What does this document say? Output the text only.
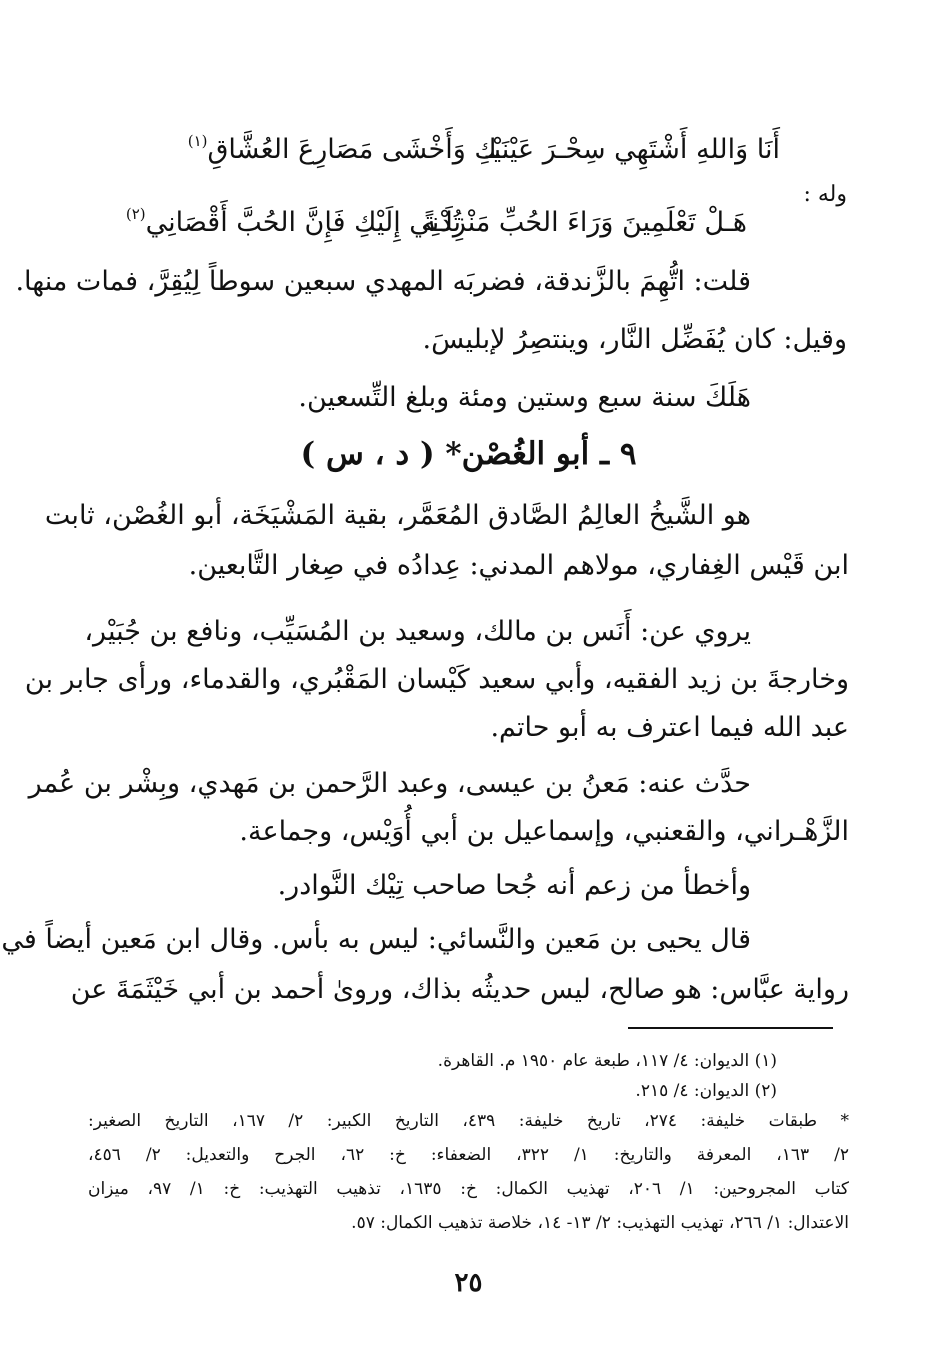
أَنَا وَاللهِ أَشْتَهِي سِحْـرَ عَيْنَيْـ
ـكِ وَأَخْشَى مَصَارِعَ العُشَّاقِ$^{(١)}$
وله :
هَـلْ تَعْلَمِينَ وَرَاءَ الحُبِّ مَنْزِلَـةً
تُدْنِي إِلَيْكِ فَإِنَّ الحُبَّ أَقْصَانِي$^{(٢)}$
قلت: اتُّهِمَ بالزَّندقة، فضربَه المهدي سبعين سوطاً لِيُقِرَّ، فمات منها.
وقيل: كان يُفَضِّل النَّار، وينتصِرُ لإبليسَ.
هَلَكَ سنة سبع وستين ومئة وبلغ التِّسعين.
٩ ـ أبو الغُصْن* ( د ، س )
هو الشَّيخُ العالِمُ الصَّادق المُعَمَّر، بقية المَشْيَخَة، أبو الغُصْن، ثابت
ابن قَيْس الغِفاري، مولاهم المدني: عِدادُه في صِغار التَّابعين.
يروي عن: أَنَس بن مالك، وسعيد بن المُسَيِّب، ونافع بن جُبَيْر،
وخارجةَ بن زيد الفقيه، وأبي سعيد كَيْسان المَقْبُري، والقدماء، ورأى جابر بن
عبد الله فيما اعترف به أبو حاتم.
حدَّث عنه: مَعنُ بن عيسى، وعبد الرَّحمن بن مَهدي، وبِشْر بن عُمر
الزَّهْـراني، والقعنبي، وإسماعيل بن أبي أُوَيْس، وجماعة.
وأخطأ من زعم أنه جُحا صاحب تِيْك النَّوادر.
قال يحيى بن مَعين والنَّسائي: ليس به بأس. وقال ابن مَعين أيضاً في
رواية عبَّاس: هو صالح، ليس حديثُه بذاك، وروىٰ أحمد بن أبي خَيْثَمَةَ عن
(١) الديوان: ٤/ ١١٧، طبعة عام ١٩٥٠ م. القاهرة.
(٢) الديوان: ٤/ ٢١٥.
* طبقات خليفة: ٢٧٤، تاريخ خليفة: ٤٣٩، التاريخ الكبير: ٢/ ١٦٧، التاريخ الصغير:
٢/ ١٦٣، المعرفة والتاريخ: ١/ ٣٢٢، الضعفاء: خ: ٦٢، الجرح والتعديل: ٢/ ٤٥٦،
كتاب المجروحين: ١/ ٢٠٦، تهذيب الكمال: خ: ١٦٣٥، تذهيب التهذيب: خ: ١/ ٩٧، ميزان
الاعتدال: ١/ ٢٦٦، تهذيب التهذيب: ٢/ ١٣- ١٤، خلاصة تذهيب الكمال: ٥٧.
٢٥
